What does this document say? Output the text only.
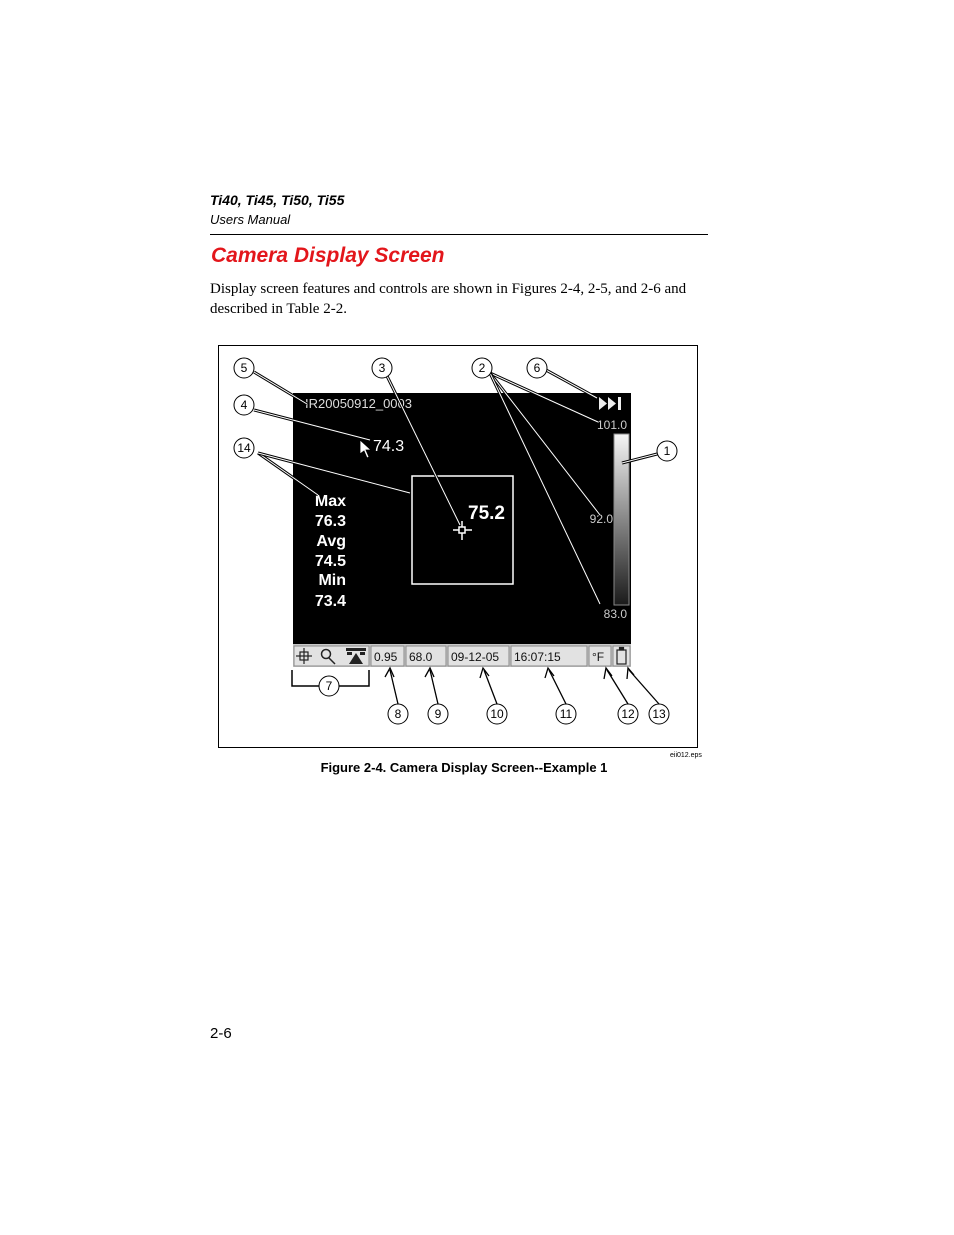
Ti40, Ti45, Ti50, Ti55
Users Manual
Camera Display Screen
Display screen features and controls are shown in Figures 2-4, 2-5, and 2-6 and described in Table 2-2.
IR20050912_0003
74.3
75.2
Max
76.3
Avg
74.5
Min
73.4
101.0
92.0
83.0
0.95 68.0 09-12-05 16:07:15	°F
1
2
3
4
5	6
7
8	9	10	11	12 13
14
eii012.eps
Figure 2-4. Camera Display Screen--Example 1
2-6
